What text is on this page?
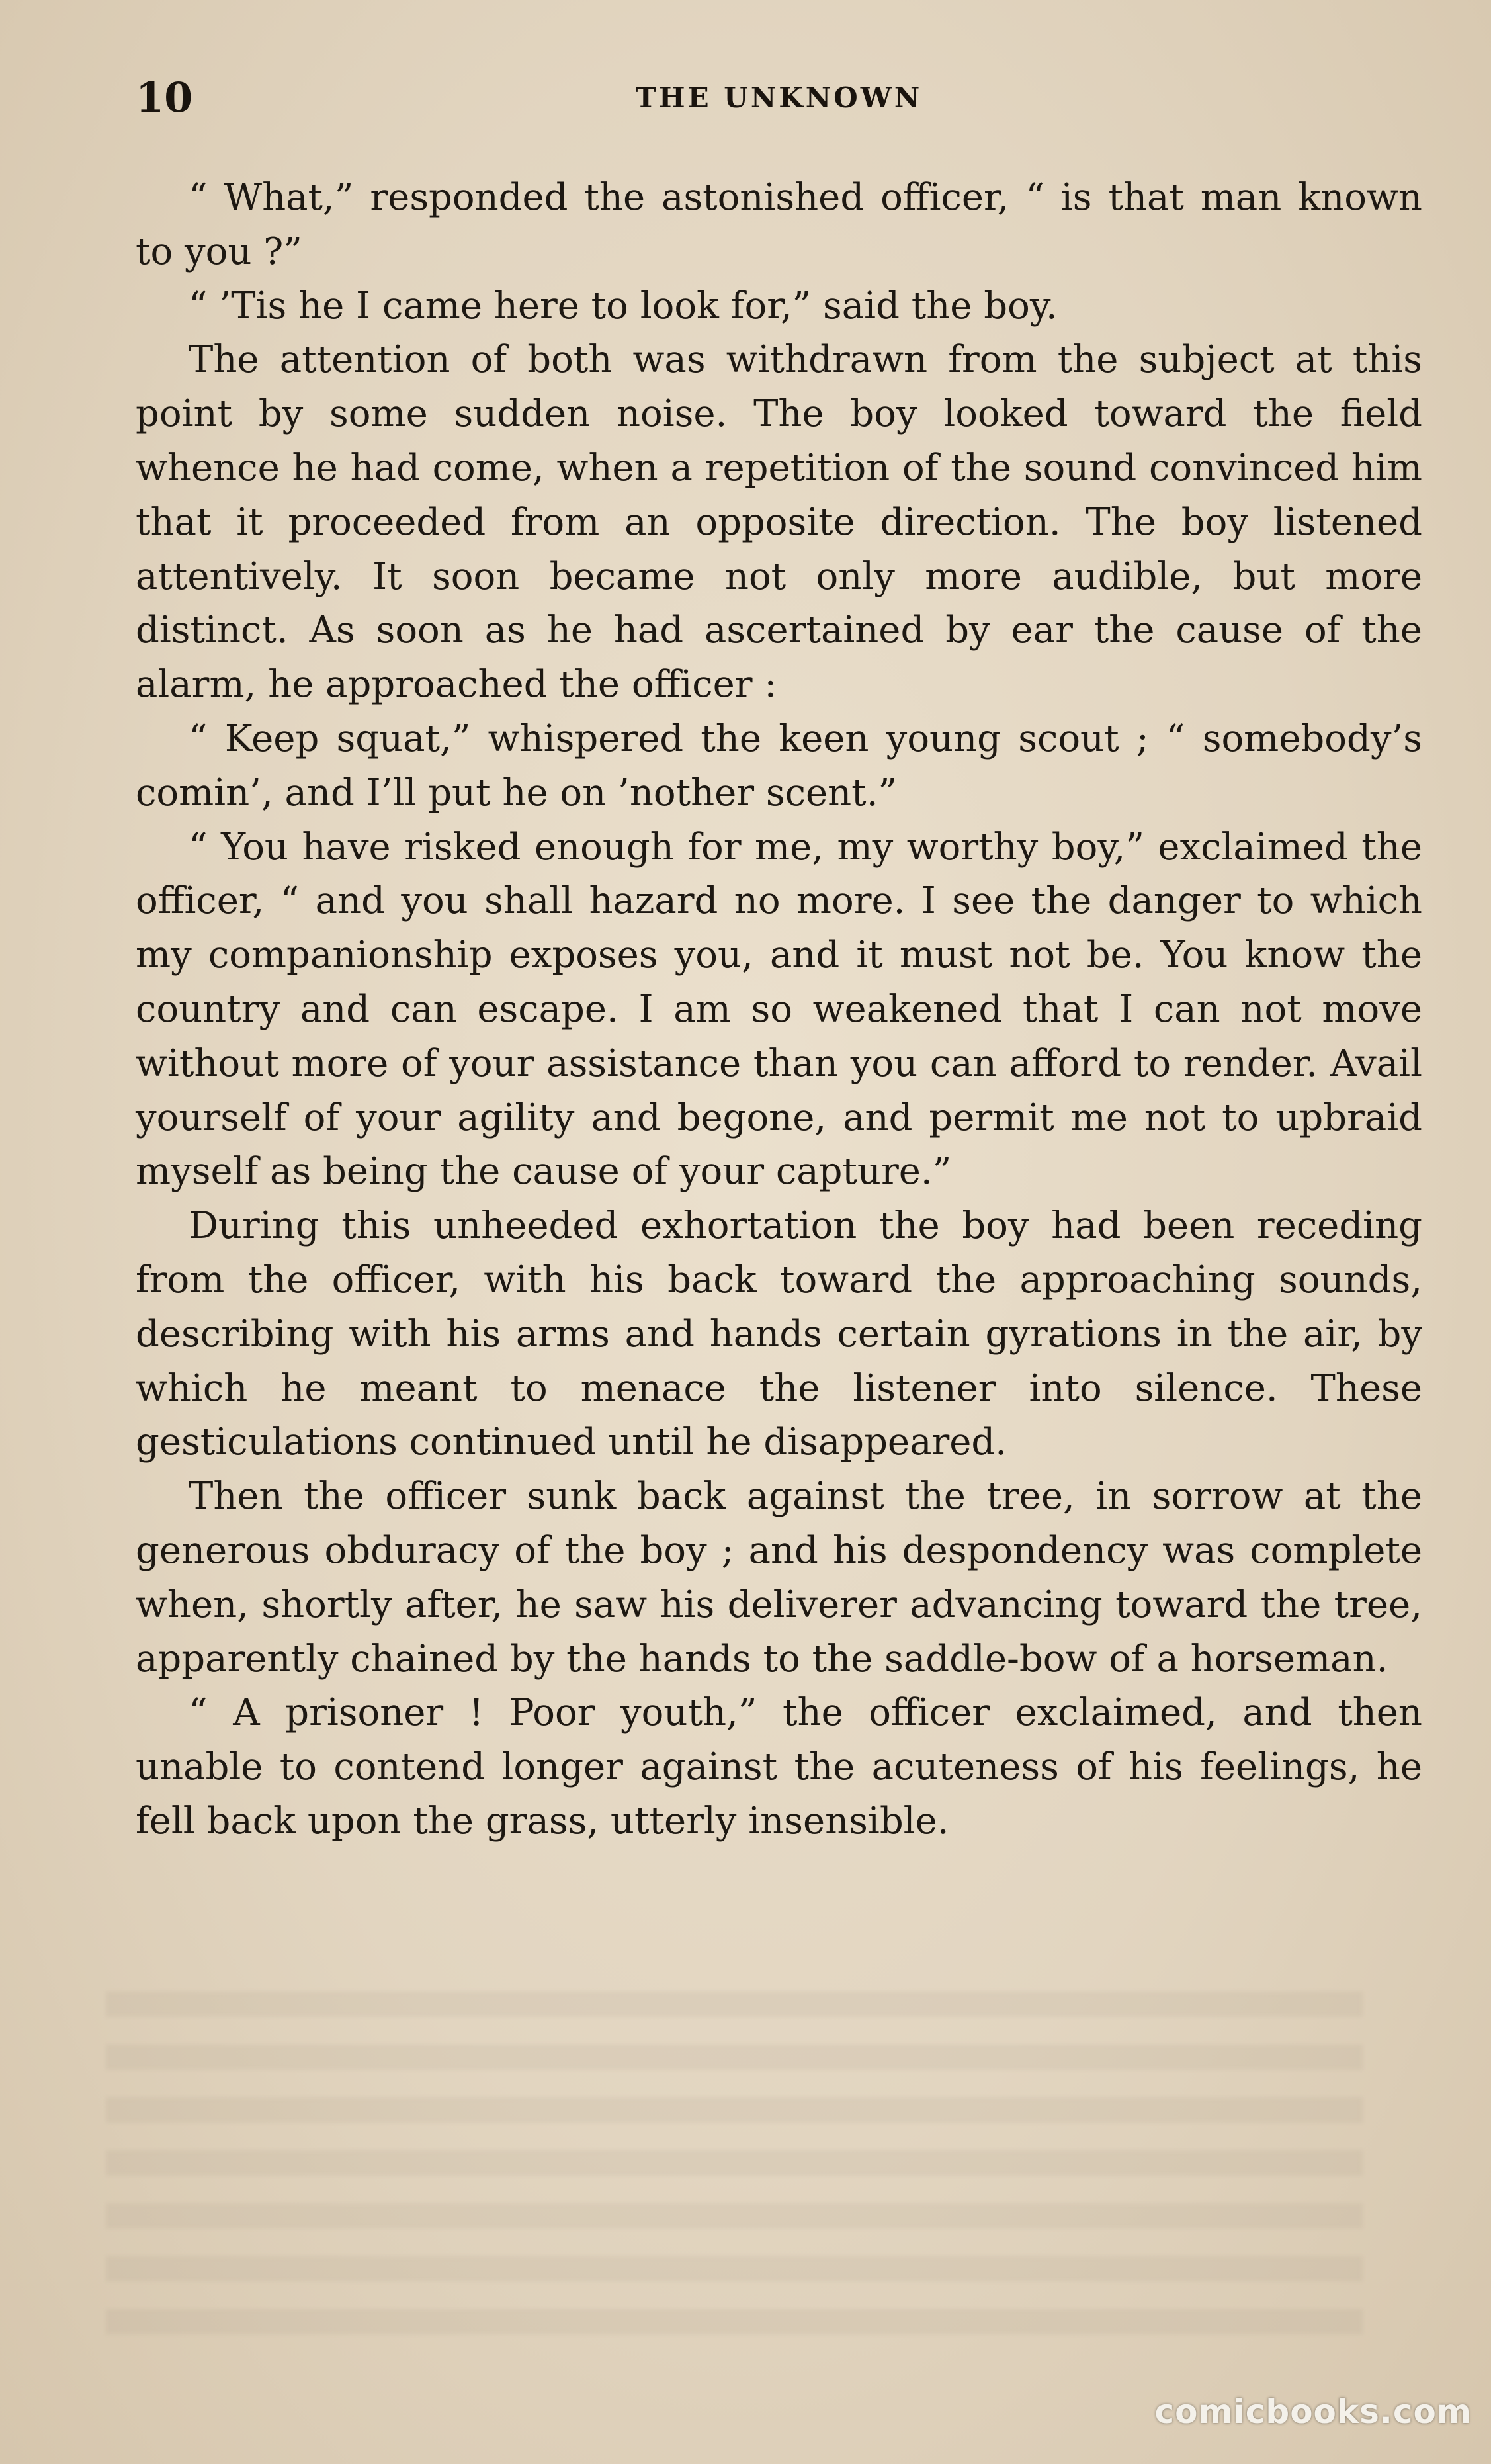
10	THE UNKNOWN

“ What,” responded the astonished officer, “ is that man known to you ?”

“ ’Tis he I came here to look for,” said the boy.

The attention of both was withdrawn from the subject at this point by some sudden noise. The boy looked toward the field whence he had come, when a repetition of the sound convinced him that it proceeded from an opposite direction. The boy listened attentively. It soon became not only more audible, but more distinct. As soon as he had ascertained by ear the cause of the alarm, he approached the officer :

“ Keep squat,” whispered the keen young scout ; “ somebody’s comin’, and I’ll put he on ’nother scent.”

“ You have risked enough for me, my worthy boy,” exclaimed the officer, “ and you shall hazard no more. I see the danger to which my companionship exposes you, and it must not be. You know the country and can escape. I am so weakened that I can not move without more of your assistance than you can afford to render. Avail yourself of your agility and begone, and permit me not to upbraid myself as being the cause of your capture.”

During this unheeded exhortation the boy had been receding from the officer, with his back toward the approaching sounds, describing with his arms and hands certain gyrations in the air, by which he meant to menace the listener into silence. These gesticulations continued until he disappeared.

Then the officer sunk back against the tree, in sorrow at the generous obduracy of the boy ; and his despondency was complete when, shortly after, he saw his deliverer advancing toward the tree, apparently chained by the hands to the saddle-bow of a horseman.

“ A prisoner ! Poor youth,” the officer exclaimed, and then unable to contend longer against the acuteness of his feelings, he fell back upon the grass, utterly insensible.

comicbooks.com
